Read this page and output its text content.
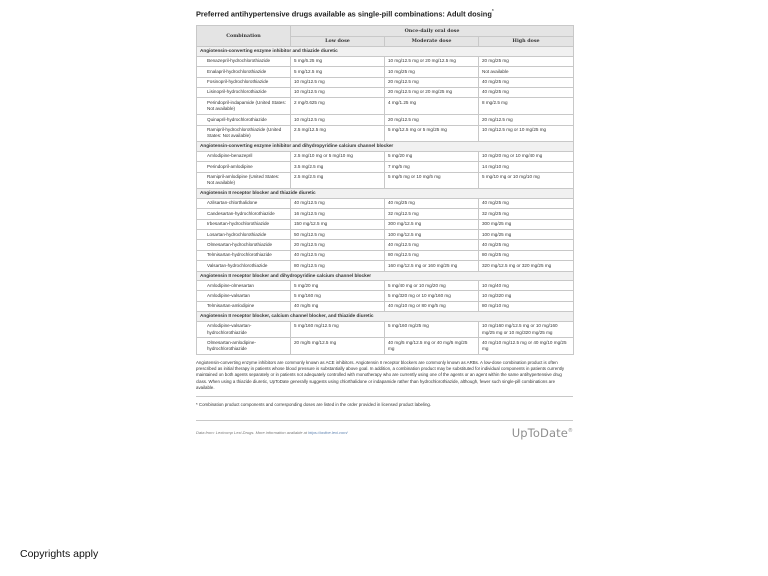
Preferred antihypertensive drugs available as single-pill combinations: Adult dosing*
Combination	Once-daily oral dose		
	Low dose	Moderate dose	High dose
Angiotensin-converting enzyme inhibitor and thiazide diuretic			
Benazepril-hydrochlorothiazide	5 mg/6.25 mg	10 mg/12.5 mg or 20 mg/12.5 mg	20 mg/25 mg
Enalapril-hydrochlorothiazide	5 mg/12.5 mg	10 mg/25 mg	Not available
Fosinopril-hydrochlorothiazide	10 mg/12.5 mg	20 mg/12.5 mg	40 mg/25 mg
Lisinopril-hydrochlorothiazide	10 mg/12.5 mg	20 mg/12.5 mg or 20 mg/25 mg	40 mg/25 mg
Perindopril-indapamide (United States: Not available)	2 mg/0.625 mg	4 mg/1.25 mg	8 mg/2.5 mg
Quinapril-hydrochlorothiazide	10 mg/12.5 mg	20 mg/12.5 mg	20 mg/12.5 mg
Ramipril-hydrochlorothiazide (United States: Not available)	2.5 mg/12.5 mg	5 mg/12.5 mg or 5 mg/25 mg	10 mg/12.5 mg or 10 mg/25 mg
Angiotensin-converting enzyme inhibitor and dihydropyridine calcium channel blocker			
Amlodipine-benazepril	2.5 mg/10 mg or 5 mg/10 mg	5 mg/20 mg	10 mg/20 mg or 10 mg/40 mg
Perindopril-amlodipine	3.5 mg/2.5 mg	7 mg/5 mg	14 mg/10 mg
Ramipril-amlodipine (United States: Not available)	2.5 mg/2.5 mg	5 mg/5 mg or 10 mg/5 mg	5 mg/10 mg or 10 mg/10 mg
Angiotensin II receptor blocker and thiazide diuretic			
Azilsartan-chlorthalidone	40 mg/12.5 mg	40 mg/25 mg	40 mg/25 mg
Candesartan-hydrochlorothiazide	16 mg/12.5 mg	32 mg/12.5 mg	32 mg/25 mg
Irbesartan-hydrochlorothiazide	150 mg/12.5 mg	300 mg/12.5 mg	300 mg/25 mg
Losartan-hydrochlorothiazide	50 mg/12.5 mg	100 mg/12.5 mg	100 mg/25 mg
Olmesartan-hydrochlorothiazide	20 mg/12.5 mg	40 mg/12.5 mg	40 mg/25 mg
Telmisartan-hydrochlorothiazide	40 mg/12.5 mg	80 mg/12.5 mg	80 mg/25 mg
Valsartan-hydrochlorothiazide	80 mg/12.5 mg	160 mg/12.5 mg or 160 mg/25 mg	320 mg/12.5 mg or 320 mg/25 mg
Angiotensin II receptor blocker and dihydropyridine calcium channel blocker			
Amlodipine-olmesartan	5 mg/20 mg	5 mg/40 mg or 10 mg/20 mg	10 mg/40 mg
Amlodipine-valsartan	5 mg/160 mg	5 mg/320 mg or 10 mg/160 mg	10 mg/320 mg
Telmisartan-amlodipine	40 mg/5 mg	40 mg/10 mg or 80 mg/5 mg	80 mg/10 mg
Angiotensin II receptor blocker, calcium channel blocker, and thiazide diuretic			
Amlodipine-valsartan-hydrochlorothiazide	5 mg/160 mg/12.5 mg	5 mg/160 mg/25 mg	10 mg/160 mg/12.5 mg or 10 mg/160 mg/25 mg or 10 mg/320 mg/25 mg
Olmesartan-amlodipine-hydrochlorothiazide	20 mg/5 mg/12.5 mg	40 mg/5 mg/12.5 mg or 40 mg/5 mg/25 mg	40 mg/10 mg/12.5 mg or 40 mg/10 mg/25 mg
Angiotensin-converting enzyme inhibitors are commonly known as ACE inhibitors. Angiotensin II receptor blockers are commonly known as ARBs. A low-dose combination product is often prescribed as initial therapy in patients whose blood pressure is substantially above goal. In addition, a combination product may be substituted for individual components in patients currently maintained on both agents separately or in patients not adequately controlled with monotherapy who are currently using one of the agents or an agent within the same antihypertensive drug class. When using a thiazide diuretic, UpToDate generally suggests using chlorthalidone or indapamide rather than hydrochlorothiazide, although, fewer such single-pill combinations are available.
* Combination product components and corresponding doses are listed in the order provided in licensed product labeling.
Data from: Lexicomp Lexi-Drugs. More information available at https://online.lexi.com/	UpToDate®
Copyrights apply
